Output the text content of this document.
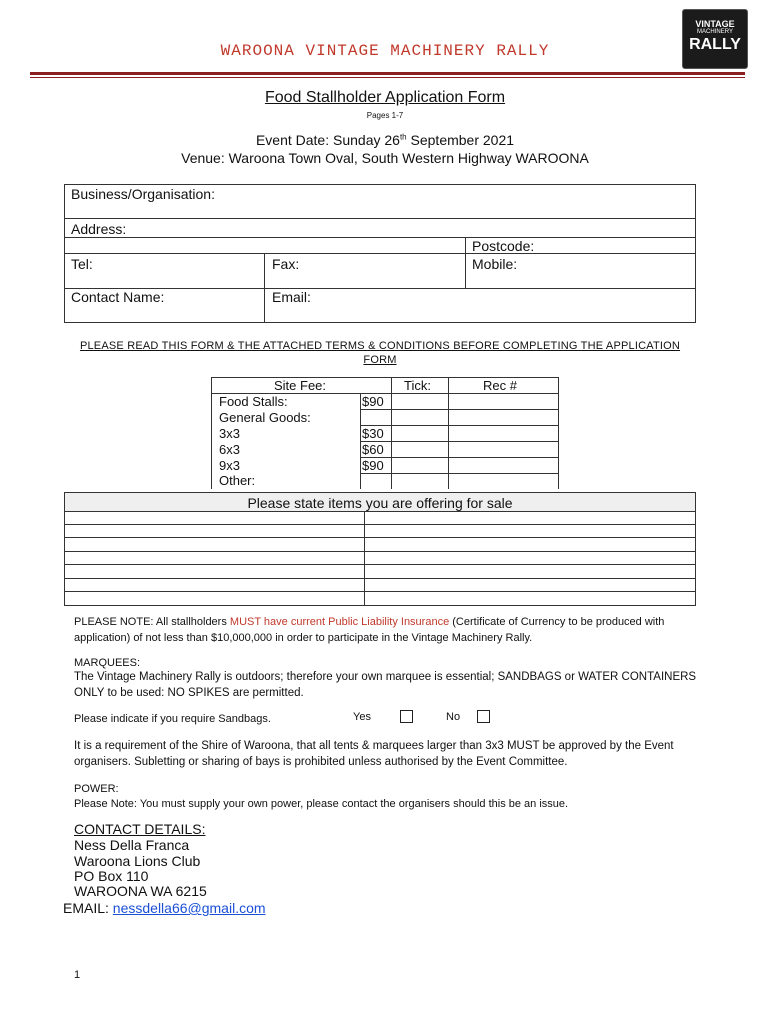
WAROONA VINTAGE MACHINERY RALLY
VINTAGE
MACHINERY
RALLY
Food Stallholder Application Form
Pages 1-7
Event Date: Sunday 26th September 2021
Venue: Waroona Town Oval, South Western Highway WAROONA
Business/Organisation:
Address:
Postcode:
Tel:	Fax:	Mobile:
Contact Name:	Email:
PLEASE READ THIS FORM & THE ATTACHED TERMS & CONDITIONS BEFORE COMPLETING THE APPLICATION FORM
Site Fee:	Tick:	Rec #
Food Stalls:	$90
General Goods:
3x3	$30
6x3	$60
9x3	$90
Other:
Please state items you are offering for sale
PLEASE NOTE: All stallholders MUST have current Public Liability Insurance (Certificate of Currency to be produced with application) of not less than $10,000,000 in order to participate in the Vintage Machinery Rally.
MARQUEES:
The Vintage Machinery Rally is outdoors; therefore your own marquee is essential; SANDBAGS or WATER CONTAINERS ONLY to be used: NO SPIKES are permitted.
Please indicate if you require Sandbags.	Yes	No
It is a requirement of the Shire of Waroona, that all tents & marquees larger than 3x3 MUST be approved by the Event organisers. Subletting or sharing of bays is prohibited unless authorised by the Event Committee.
POWER:
Please Note: You must supply your own power, please contact the organisers should this be an issue.
CONTACT DETAILS:
Ness Della Franca
Waroona Lions Club
PO Box 110
WAROONA WA 6215
EMAIL: nessdella66@gmail.com
1
